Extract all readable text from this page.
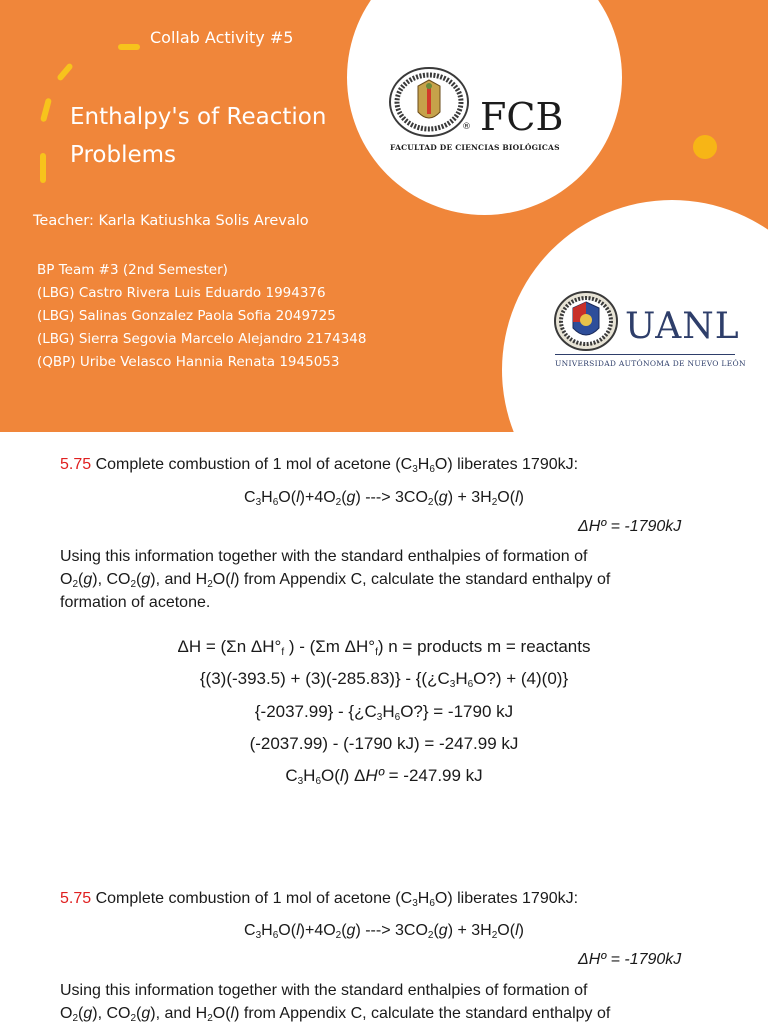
Collab Activity #5
Enthalpy's of Reaction
Problems
Teacher: Karla Katiushka Solis Arevalo
BP Team #3 (2nd Semester)
(LBG) Castro Rivera Luis Eduardo 1994376
(LBG) Salinas Gonzalez Paola Sofia 2049725
(LBG) Sierra Segovia Marcelo Alejandro 2174348
(QBP) Uribe Velasco Hannia Renata 1945053
FCB
®
FACULTAD DE CIENCIAS BIOLÓGICAS
UANL
UNIVERSIDAD AUTÓNOMA DE NUEVO LEÓN
5.75 Complete combustion of 1 mol of acetone $(C_3H_6O)$ liberates 1790kJ:
$C_3H_6O(l)+4O_2(g)$ ---> $3CO_2(g) + 3H_2O(l)$
ΔHº = -1790kJ
Using this information together with the standard enthalpies of formation of
$O_2(g)$, $CO_2(g)$, and $H_2O(l)$ from Appendix C, calculate the standard enthalpy of
formation of acetone.
ΔH = (Σn $\Delta H^\circ_f$ ) - (Σm $\Delta H^\circ_f$) n = products m = reactants
$\{(3)(-393.5) + (3)(-285.83)\} - \{(¿C_3H_6O?) + (4)(0)\}$
$\{-2037.99\} - \{¿C_3H_6O?\} = -1790$ kJ
(-2037.99) - (-1790 kJ) = -247.99 kJ
$C_3H_6O(l)$ ΔHº = -247.99 kJ
5.75 Complete combustion of 1 mol of acetone $(C_3H_6O)$ liberates 1790kJ:
$C_3H_6O(l)+4O_2(g)$ ---> $3CO_2(g) + 3H_2O(l)$
ΔHº = -1790kJ
Using this information together with the standard enthalpies of formation of
$O_2(g)$, $CO_2(g)$, and $H_2O(l)$ from Appendix C, calculate the standard enthalpy of
